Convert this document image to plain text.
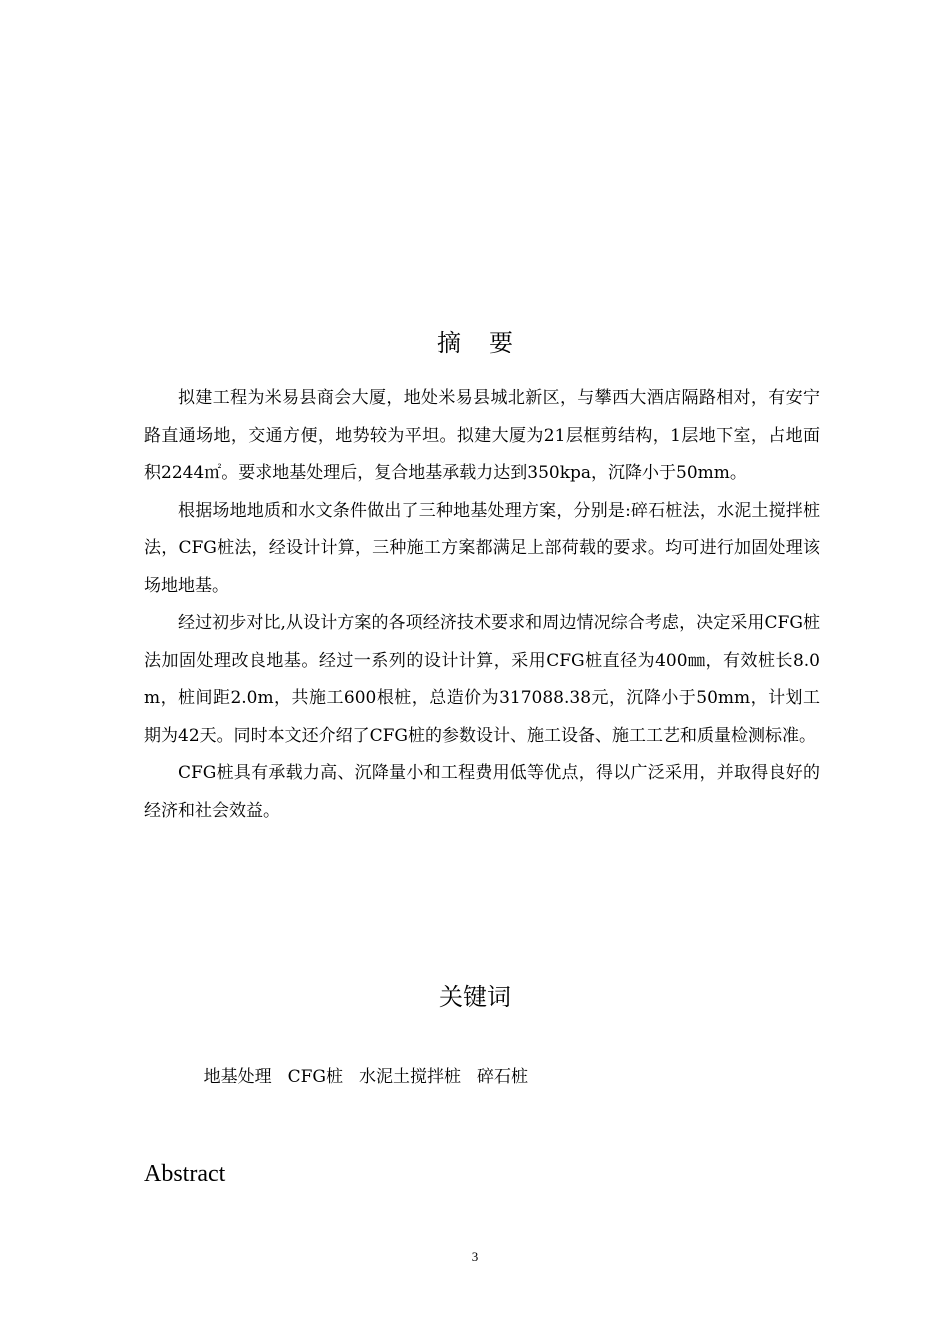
摘要

拟建工程为米易县商会大厦，地处米易县城北新区，与攀西大酒店隔路相对，有安宁路直通场地，交通方便，地势较为平坦。拟建大厦为21层框剪结构，1层地下室，占地面积2244㎡。要求地基处理后，复合地基承载力达到350kpa，沉降小于50mm。

根据场地地质和水文条件做出了三种地基处理方案，分别是:碎石桩法，水泥土搅拌桩法，CFG桩法，经设计计算，三种施工方案都满足上部荷载的要求。均可进行加固处理该场地地基。

经过初步对比,从设计方案的各项经济技术要求和周边情况综合考虑，决定采用CFG桩法加固处理改良地基。经过一系列的设计计算，采用CFG桩直径为400㎜，有效桩长8.0m，桩间距2.0m，共施工600根桩，总造价为317088.38元，沉降小于50mm，计划工期为42天。同时本文还介绍了CFG桩的参数设计、施工设备、施工工艺和质量检测标准。

CFG桩具有承载力高、沉降量小和工程费用低等优点，得以广泛采用，并取得良好的经济和社会效益。

关键词

地基处理 CFG桩 水泥土搅拌桩 碎石桩

Abstract
3
